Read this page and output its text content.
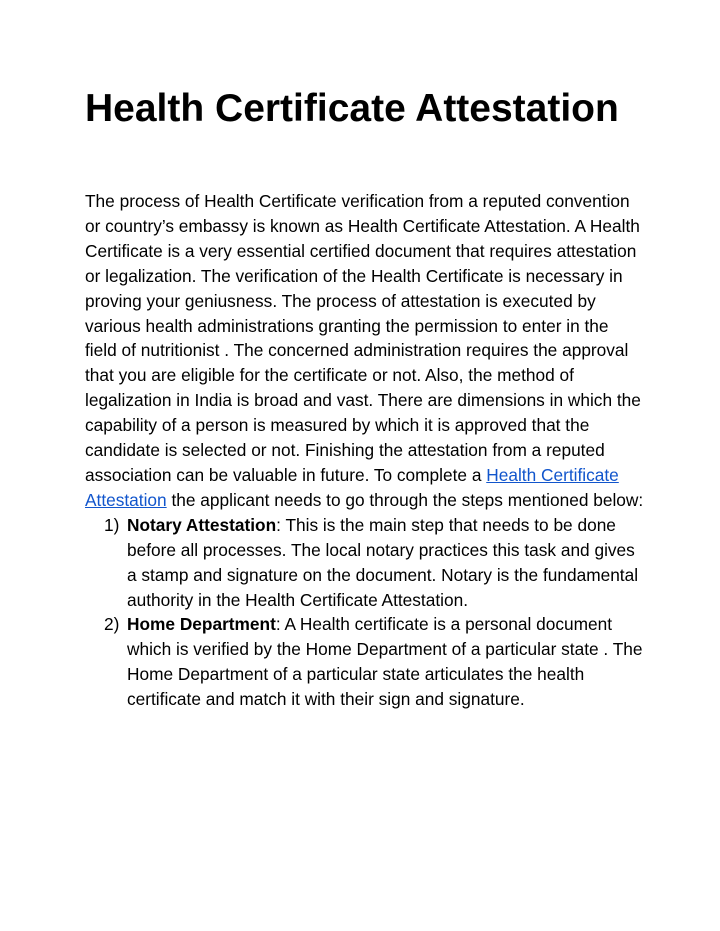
Health Certificate Attestation

The process of Health Certificate verification from a reputed convention or country’s embassy is known as Health Certificate Attestation. A Health Certificate is a very essential certified document that requires attestation or legalization. The verification of the Health Certificate is necessary in proving your geniusness. The process of attestation is executed by various health administrations granting the permission to enter in the field of nutritionist . The concerned administration requires the approval that you are eligible for the certificate or not. Also, the method of legalization in India is broad and vast. There are dimensions in which the capability of a person is measured by which it is approved that the candidate is selected or not. Finishing the attestation from a reputed association can be valuable in future. To complete a Health Certificate Attestation the applicant needs to go through the steps mentioned below:

1) Notary Attestation: This is the main step that needs to be done before all processes. The local notary practices this task and gives a stamp and signature on the document. Notary is the fundamental authority in the Health Certificate Attestation.
2) Home Department: A Health certificate is a personal document which is verified by the Home Department of a particular state . The Home Department of a particular state articulates the health certificate and match it with their sign and signature.
